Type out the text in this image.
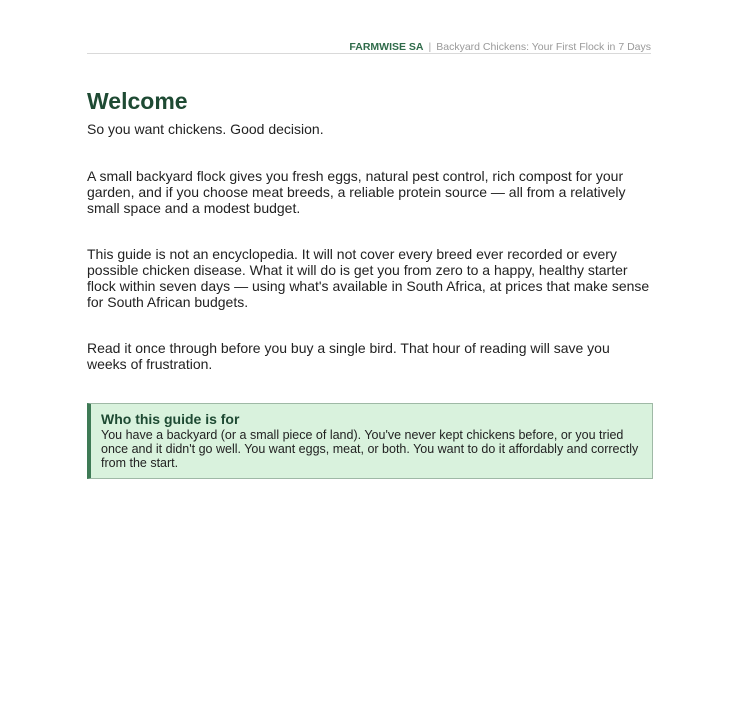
FARMWISE SA | Backyard Chickens: Your First Flock in 7 Days
Welcome

So you want chickens. Good decision.

A small backyard flock gives you fresh eggs, natural pest control, rich compost for your garden, and if you choose meat breeds, a reliable protein source — all from a relatively small space and a modest budget.

This guide is not an encyclopedia. It will not cover every breed ever recorded or every possible chicken disease. What it will do is get you from zero to a happy, healthy starter flock within seven days — using what's available in South Africa, at prices that make sense for South African budgets.

Read it once through before you buy a single bird. That hour of reading will save you weeks of frustration.

Who this guide is for

You have a backyard (or a small piece of land). You've never kept chickens before, or you tried once and it didn't go well. You want eggs, meat, or both. You want to do it affordably and correctly from the start.
